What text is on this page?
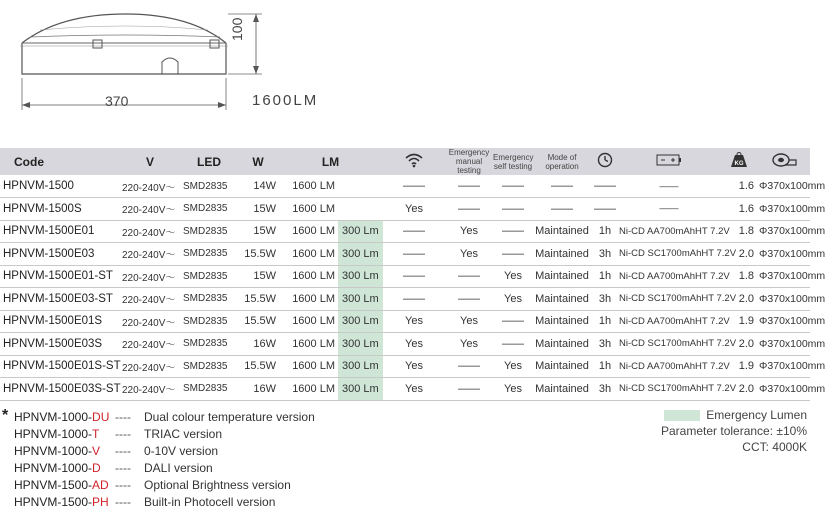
370
100
1600LM
Code	V	LED	W	LM			Emergency manual testing	Emergency self testing	Mode of operation			KG

HPNVM-1500	220-240V～	SMD2835	14W	1600 LM		——	——	——	——	——	——	1.6	Φ370x100mm
HPNVM-1500S	220-240V～	SMD2835	15W	1600 LM		Yes	——	——	——	——	——	1.6	Φ370x100mm
HPNVM-1500E01	220-240V～	SMD2835	15W	1600 LM	300 Lm	——	Yes	——	Maintained	1h	Ni-CD AA700mAhHT 7.2V	1.8	Φ370x100mm
HPNVM-1500E03	220-240V～	SMD2835	15.5W	1600 LM	300 Lm	——	Yes	——	Maintained	3h	Ni-CD SC1700mAhHT 7.2V	2.0	Φ370x100mm
HPNVM-1500E01-ST	220-240V～	SMD2835	15W	1600 LM	300 Lm	——	——	Yes	Maintained	1h	Ni-CD AA700mAhHT 7.2V	1.8	Φ370x100mm
HPNVM-1500E03-ST	220-240V～	SMD2835	15.5W	1600 LM	300 Lm	——	——	Yes	Maintained	3h	Ni-CD SC1700mAhHT 7.2V	2.0	Φ370x100mm
HPNVM-1500E01S	220-240V～	SMD2835	15.5W	1600 LM	300 Lm	Yes	Yes	——	Maintained	1h	Ni-CD AA700mAhHT 7.2V	1.9	Φ370x100mm
HPNVM-1500E03S	220-240V～	SMD2835	16W	1600 LM	300 Lm	Yes	Yes	——	Maintained	3h	Ni-CD SC1700mAhHT 7.2V	2.0	Φ370x100mm
HPNVM-1500E01S-ST	220-240V～	SMD2835	15.5W	1600 LM	300 Lm	Yes	——	Yes	Maintained	1h	Ni-CD AA700mAhHT 7.2V	1.9	Φ370x100mm
HPNVM-1500E03S-ST	220-240V～	SMD2835	16W	1600 LM	300 Lm	Yes	——	Yes	Maintained	3h	Ni-CD SC1700mAhHT 7.2V	2.0	Φ370x100mm
* HPNVM-1000-DU ---- Dual colour temperature version
HPNVM-1000-T ---- TRIAC version
HPNVM-1000-V ---- 0-10V version
HPNVM-1000-D ---- DALI version
HPNVM-1500-AD ---- Optional Brightness version
HPNVM-1500-PH ---- Built-in Photocell version
Emergency Lumen
Parameter tolerance: ±10%
CCT: 4000K
